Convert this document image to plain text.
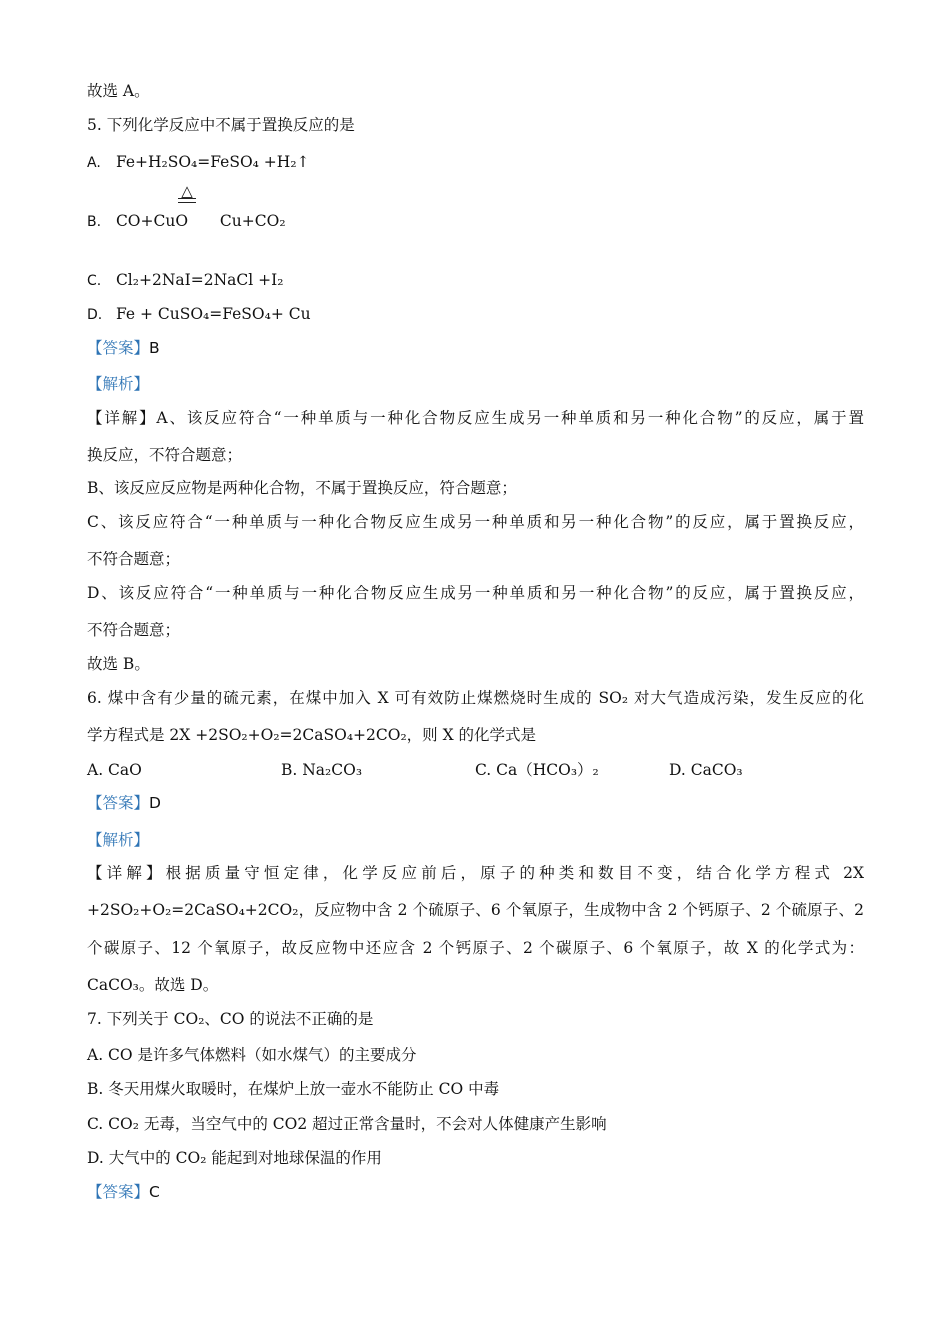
故选 A。
5. 下列化学反应中不属于置换反应的是
A. Fe+H₂SO₄=FeSO₄ +H₂↑
△
B. CO+CuO Cu+CO₂
C. Cl₂+2NaI=2NaCl +I₂
D. Fe + CuSO₄=FeSO₄+ Cu
【答案】B
【解析】
【详解】A、该反应符合“一种单质与一种化合物反应生成另一种单质和另一种化合物”的反应，属于置
换反应，不符合题意；
B、该反应反应物是两种化合物，不属于置换反应，符合题意；
C、该反应符合“一种单质与一种化合物反应生成另一种单质和另一种化合物”的反应，属于置换反应，
不符合题意；
D、该反应符合“一种单质与一种化合物反应生成另一种单质和另一种化合物”的反应，属于置换反应，
不符合题意；
故选 B。
6. 煤中含有少量的硫元素，在煤中加入 X 可有效防止煤燃烧时生成的 SO₂ 对大气造成污染，发生反应的化
学方程式是 2X +2SO₂+O₂=2CaSO₄+2CO₂，则 X 的化学式是
A. CaO	B. Na₂CO₃	C. Ca（HCO₃）₂	D. CaCO₃
【答案】D
【解析】
【详解】根据质量守恒定律，化学反应前后，原子的种类和数目不变，结合化学方程式 2X
+2SO₂+O₂=2CaSO₄+2CO₂，反应物中含 2 个硫原子、6 个氧原子，生成物中含 2 个钙原子、2 个硫原子、2
个碳原子、12 个氧原子，故反应物中还应含 2 个钙原子、2 个碳原子、6 个氧原子，故 X 的化学式为：
CaCO₃。故选 D。
7. 下列关于 CO₂、CO 的说法不正确的是
A. CO 是许多气体燃料（如水煤气）的主要成分
B. 冬天用煤火取暖时，在煤炉上放一壶水不能防止 CO 中毒
C. CO₂ 无毒，当空气中的 CO2 超过正常含量时，不会对人体健康产生影响
D. 大气中的 CO₂ 能起到对地球保温的作用
【答案】C
